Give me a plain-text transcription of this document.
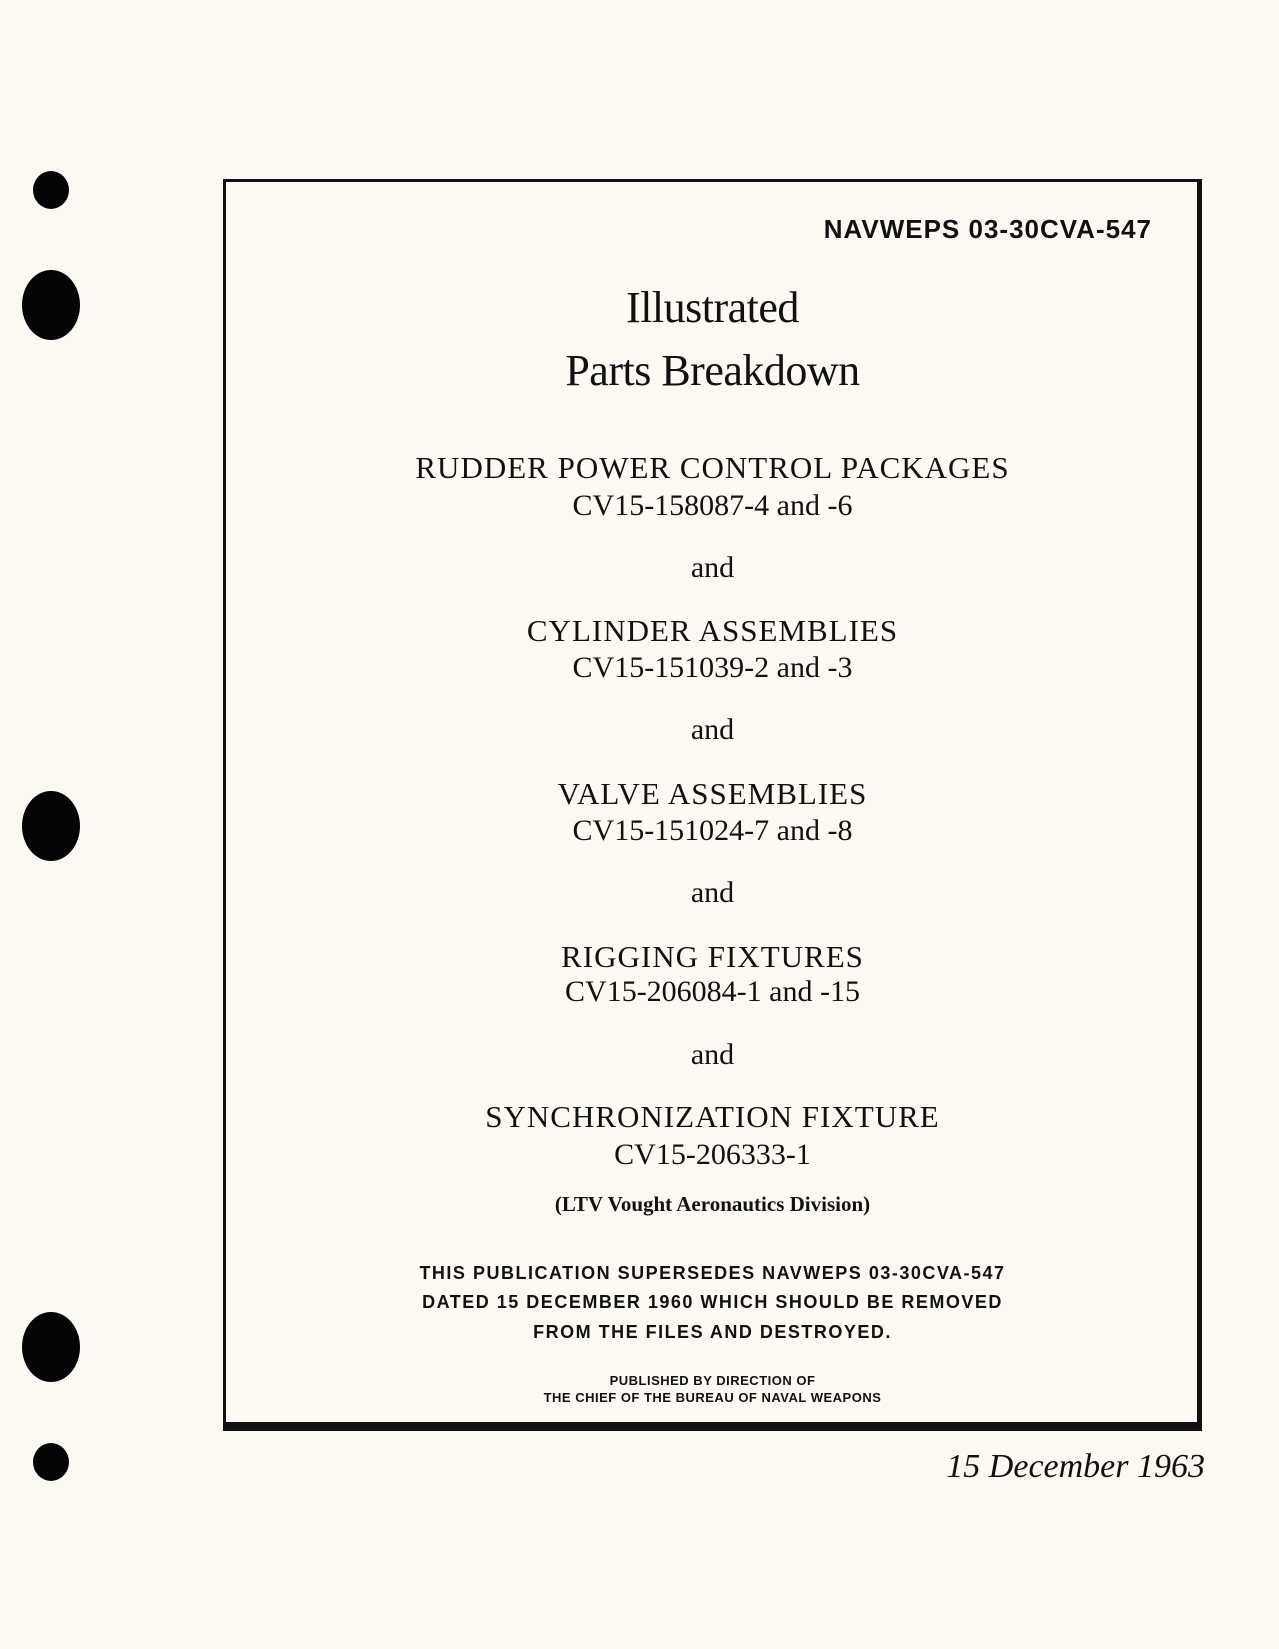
NAVWEPS 03-30CVA-547
Illustrated
Parts Breakdown
RUDDER POWER CONTROL PACKAGES
CV15-158087-4 and -6
and
CYLINDER ASSEMBLIES
CV15-151039-2 and -3
and
VALVE ASSEMBLIES
CV15-151024-7 and -8
and
RIGGING FIXTURES
CV15-206084-1 and -15
and
SYNCHRONIZATION FIXTURE
CV15-206333-1
(LTV Vought Aeronautics Division)
THIS PUBLICATION SUPERSEDES NAVWEPS 03-30CVA-547
DATED 15 DECEMBER 1960 WHICH SHOULD BE REMOVED
FROM THE FILES AND DESTROYED.
PUBLISHED BY DIRECTION OF
THE CHIEF OF THE BUREAU OF NAVAL WEAPONS
15 December 1963
